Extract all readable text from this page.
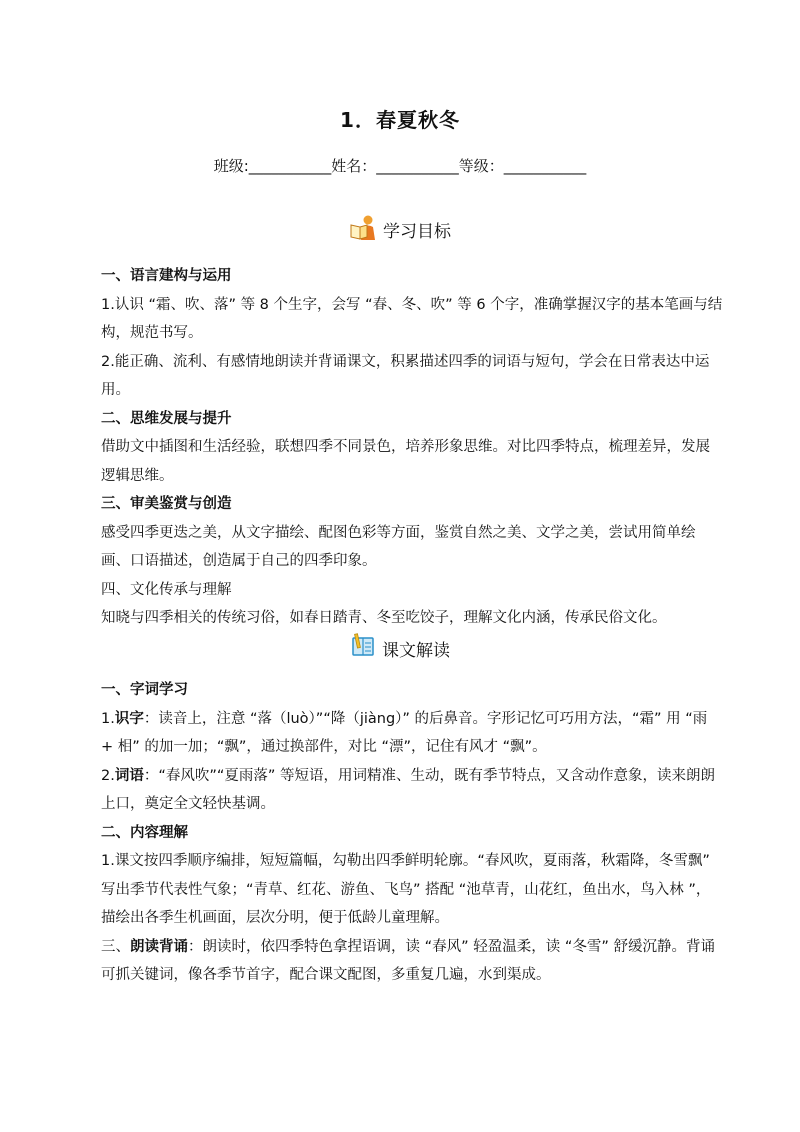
1．春夏秋冬
班级:___________姓名：___________等级：___________
学习目标
一、语言建构与运用
1.认识 “霜、吹、落” 等 8 个生字，会写 “春、冬、吹” 等 6 个字，准确掌握汉字的基本笔画与结构，规范书写。
2.能正确、流利、有感情地朗读并背诵课文，积累描述四季的词语与短句，学会在日常表达中运用。
二、思维发展与提升
借助文中插图和生活经验，联想四季不同景色，培养形象思维。对比四季特点，梳理差异，发展逻辑思维。
三、审美鉴赏与创造
感受四季更迭之美，从文字描绘、配图色彩等方面，鉴赏自然之美、文学之美，尝试用简单绘画、口语描述，创造属于自己的四季印象。
四、文化传承与理解
知晓与四季相关的传统习俗，如春日踏青、冬至吃饺子，理解文化内涵，传承民俗文化。
课文解读
一、字词学习
1.识字：读音上，注意 “落（luò）”“降（jiàng）” 的后鼻音。字形记忆可巧用方法，“霜” 用 “雨 + 相” 的加一加；“飘”，通过换部件，对比 “漂”，记住有风才 “飘”。
2.词语：“春风吹”“夏雨落” 等短语，用词精准、生动，既有季节特点，又含动作意象，读来朗朗上口，奠定全文轻快基调。
二、内容理解
1.课文按四季顺序编排，短短篇幅，勾勒出四季鲜明轮廓。“春风吹，夏雨落，秋霜降，冬雪飘” 写出季节代表性气象；“青草、红花、游鱼、飞鸟” 搭配 “池草青，山花红，鱼出水，鸟入林 ”，描绘出各季生机画面，层次分明，便于低龄儿童理解。
三、朗读背诵：朗读时，依四季特色拿捏语调，读 “春风” 轻盈温柔，读 “冬雪” 舒缓沉静。背诵可抓关键词，像各季节首字，配合课文配图，多重复几遍，水到渠成。
